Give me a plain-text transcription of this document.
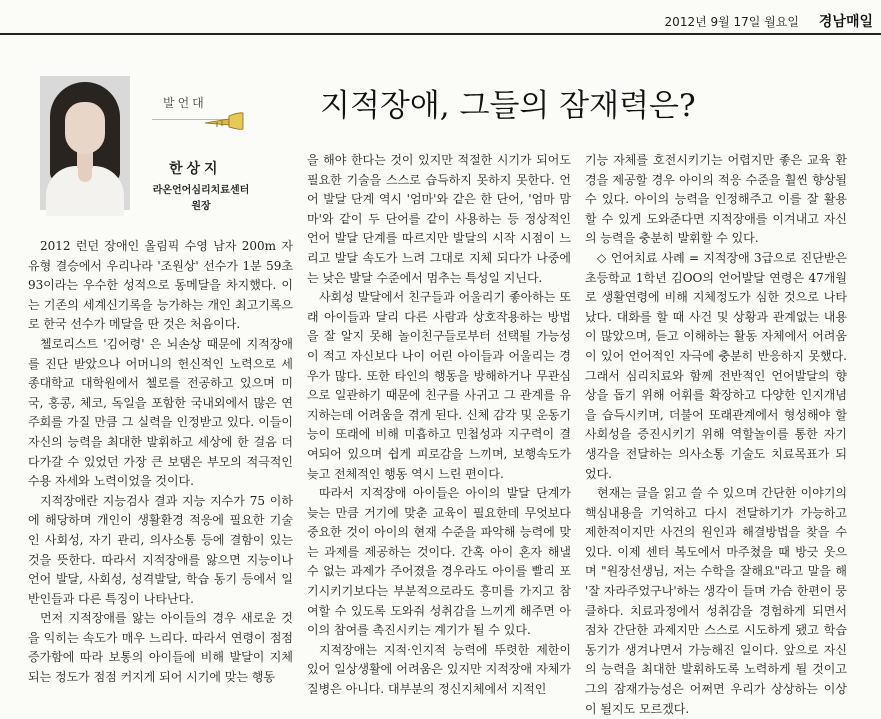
2012년 9월 17일 월요일 경남매일
발언대
한상지
라온언어심리치료센터
원장
지적장애, 그들의 잠재력은?

2012 런던 장애인 올림픽 수영 남자 200m 자유형 결승에서 우리나라 '조원상' 선수가 1분 59초93이라는 우수한 성적으로 동메달을 차지했다. 이는 기존의 세계신기록을 능가하는 개인 최고기록으로 한국 선수가 메달을 딴 것은 처음이다.

첼로리스트 '김어령' 은 뇌손상 때문에 지적장애를 진단 받았으나 어머니의 헌신적인 노력으로 세종대학교 대학원에서 첼로를 전공하고 있으며 미국, 홍콩, 체코, 독일을 포함한 국내외에서 많은 연주회를 가질 만큼 그 실력을 인정받고 있다. 이들이 자신의 능력을 최대한 발휘하고 세상에 한 걸음 더 다가갈 수 있었던 가장 큰 보탬은 부모의 적극적인 수용 자세와 노력이었을 것이다.

지적장애란 지능검사 결과 지능 지수가 75 이하에 해당하며 개인이 생활환경 적응에 필요한 기술인 사회성, 자기 관리, 의사소통 등에 결함이 있는 것을 뜻한다. 따라서 지적장애를 앓으면 지능이나 언어 발달, 사회성, 성격발달, 학습 동기 등에서 일반인들과 다른 특징이 나타난다.

먼저 지적장애를 앓는 아이들의 경우 새로운 것을 익히는 속도가 매우 느리다. 따라서 연령이 점점 증가함에 따라 보통의 아이들에 비해 발달이 지체되는 정도가 점점 커지게 되어 시기에 맞는 행동

을 해야 한다는 것이 있지만 적절한 시기가 되어도 필요한 기술을 스스로 습득하지 못하지 못한다. 언어 발달 단계 역시 '엄마'와 같은 한 단어, '엄마 맘마'와 같이 두 단어를 같이 사용하는 등 정상적인 언어 발달 단계를 따르지만 발달의 시작 시점이 느리고 발달 속도가 느려 그대로 지체 되다가 나중에는 낮은 발달 수준에서 멈추는 특성일 지닌다.

사회성 발달에서 친구들과 어울리기 좋아하는 또래 아이들과 달리 다른 사람과 상호작용하는 방법을 잘 알지 못해 놀이친구들로부터 선택될 가능성이 적고 자신보다 나이 어린 아이들과 어울리는 경우가 많다. 또한 타인의 행동을 방해하거나 무관심으로 일관하기 때문에 친구를 사귀고 그 관계를 유지하는데 어려움을 겪게 된다. 신체 감각 및 운동기능이 또래에 비해 미흡하고 민첩성과 지구력이 결여되어 있으며 쉽게 피로감을 느끼며, 보행속도가 늦고 전체적인 행동 역시 느린 편이다.

따라서 지적장애 아이들은 아이의 발달 단계가 늦는 만큼 거기에 맞춘 교육이 필요한데 무엇보다 중요한 것이 아이의 현재 수준을 파악해 능력에 맞는 과제를 제공하는 것이다. 간혹 아이 혼자 해낼 수 없는 과제가 주어졌을 경우라도 아이를 빨리 포기시키기보다는 부분적으로라도 흥미를 가지고 참여할 수 있도록 도와줘 성취감을 느끼게 해주면 아이의 참여를 촉진시키는 계기가 될 수 있다.

지적장애는 지적·인지적 능력에 뚜렷한 제한이 있어 일상생활에 어려움은 있지만 지적장애 자체가 질병은 아니다. 대부분의 정신지체에서 지적인

기능 자체를 호전시키기는 어렵지만 좋은 교육 환경을 제공할 경우 아이의 적응 수준을 훨씬 향상될 수 있다. 아이의 능력을 인정해주고 이를 잘 활용할 수 있게 도와준다면 지적장애를 이겨내고 자신의 능력을 충분히 발휘할 수 있다.

◇ 언어치료 사례 = 지적장애 3급으로 진단받은 초등학교 1학년 김OO의 언어발달 연령은 47개월로 생활연령에 비해 지체정도가 심한 것으로 나타났다. 대화를 할 때 사건 및 상황과 관계없는 내용이 많았으며, 듣고 이해하는 활동 자체에서 어려움이 있어 언어적인 자극에 충분히 반응하지 못했다. 그래서 심리치료와 함께 전반적인 언어발달의 향상을 돕기 위해 어휘를 확장하고 다양한 인지개념을 습득시키며, 더불어 또래관계에서 형성해야 할 사회성을 증진시키기 위해 역할놀이를 통한 자기생각을 전달하는 의사소통 기술도 치료목표가 되었다.

현재는 글을 읽고 쓸 수 있으며 간단한 이야기의 핵심내용을 기억하고 다시 전달하기가 가능하고 제한적이지만 사건의 원인과 해결방법을 찾을 수 있다. 이제 센터 복도에서 마주쳤을 때 방긋 웃으며 "원장선생님, 저는 수학을 잘해요"라고 말을 해 '잘 자라주었구나'하는 생각이 들며 가슴 한편이 뭉클하다. 치료과정에서 성취감을 경험하게 되면서 점차 간단한 과제지만 스스로 시도하게 됐고 학습동기가 생겨나면서 가능해진 일이다. 앞으로 자신의 능력을 최대한 발휘하도록 노력하게 될 것이고 그의 잠재가능성은 어쩌면 우리가 상상하는 이상이 될지도 모르겠다.
